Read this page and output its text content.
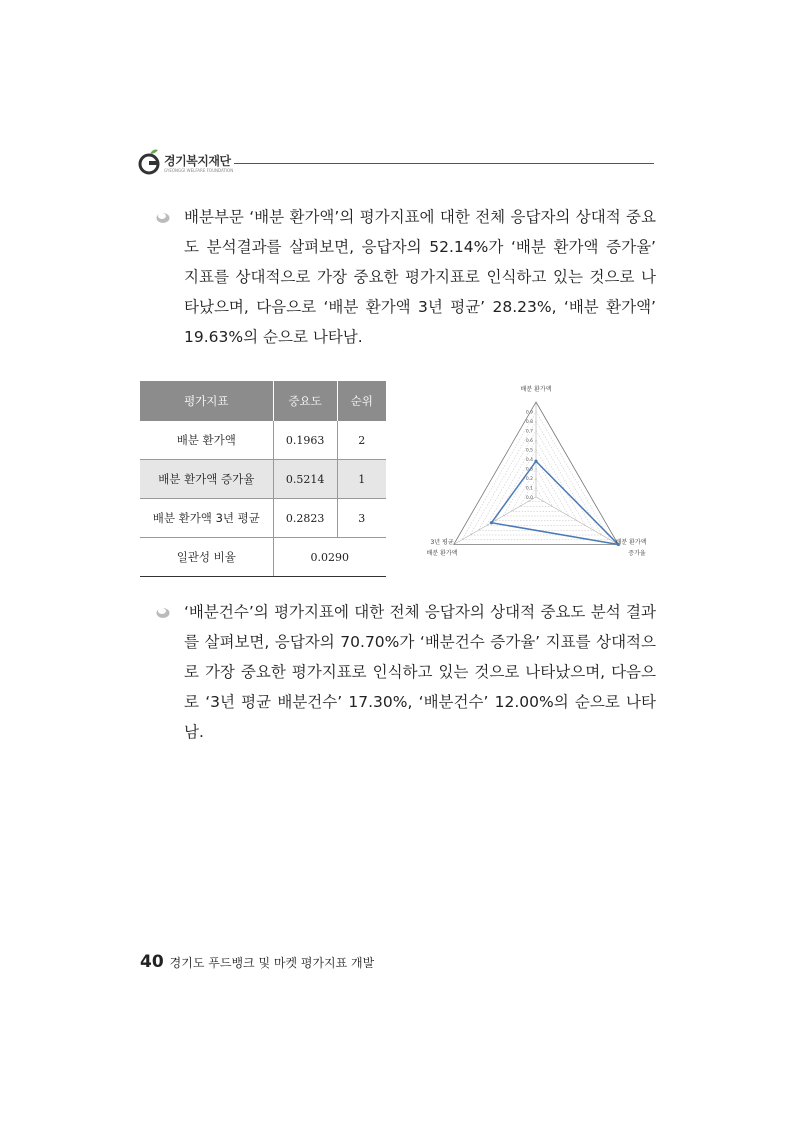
경기복지재단
GYEONGGI WELFARE FOUNDATION
배분부문 ‘배분 환가액’의 평가지표에 대한 전체 응답자의 상대적 중요도 분석결과를 살펴보면, 응답자의 52.14%가 ‘배분 환가액 증가율’ 지표를 상대적으로 가장 중요한 평가지표로 인식하고 있는 것으로 나타났으며, 다음으로 ‘배분 환가액 3년 평균’ 28.23%, ‘배분 환가액’ 19.63%의 순으로 나타남.
평가지표	중요도	순위
배분 환가액	0.1963	2
배분 환가액 증가율	0.5214	1
배분 환가액 3년 평균	0.2823	3
일관성 비율	0.0290	
0.0
0.1
0.2
0.3
0.4
0.5
0.6
0.7
0.8
0.9
배분 환가액
배분 환가액
증가율
3년 평균
배분 환가액
‘배분건수’의 평가지표에 대한 전체 응답자의 상대적 중요도 분석 결과를 살펴보면, 응답자의 70.70%가 ‘배분건수 증가율’ 지표를 상대적으로 가장 중요한 평가지표로 인식하고 있는 것으로 나타났으며, 다음으로 ‘3년 평균 배분건수’ 17.30%, ‘배분건수’ 12.00%의 순으로 나타남.
40 경기도 푸드뱅크 및 마켓 평가지표 개발
